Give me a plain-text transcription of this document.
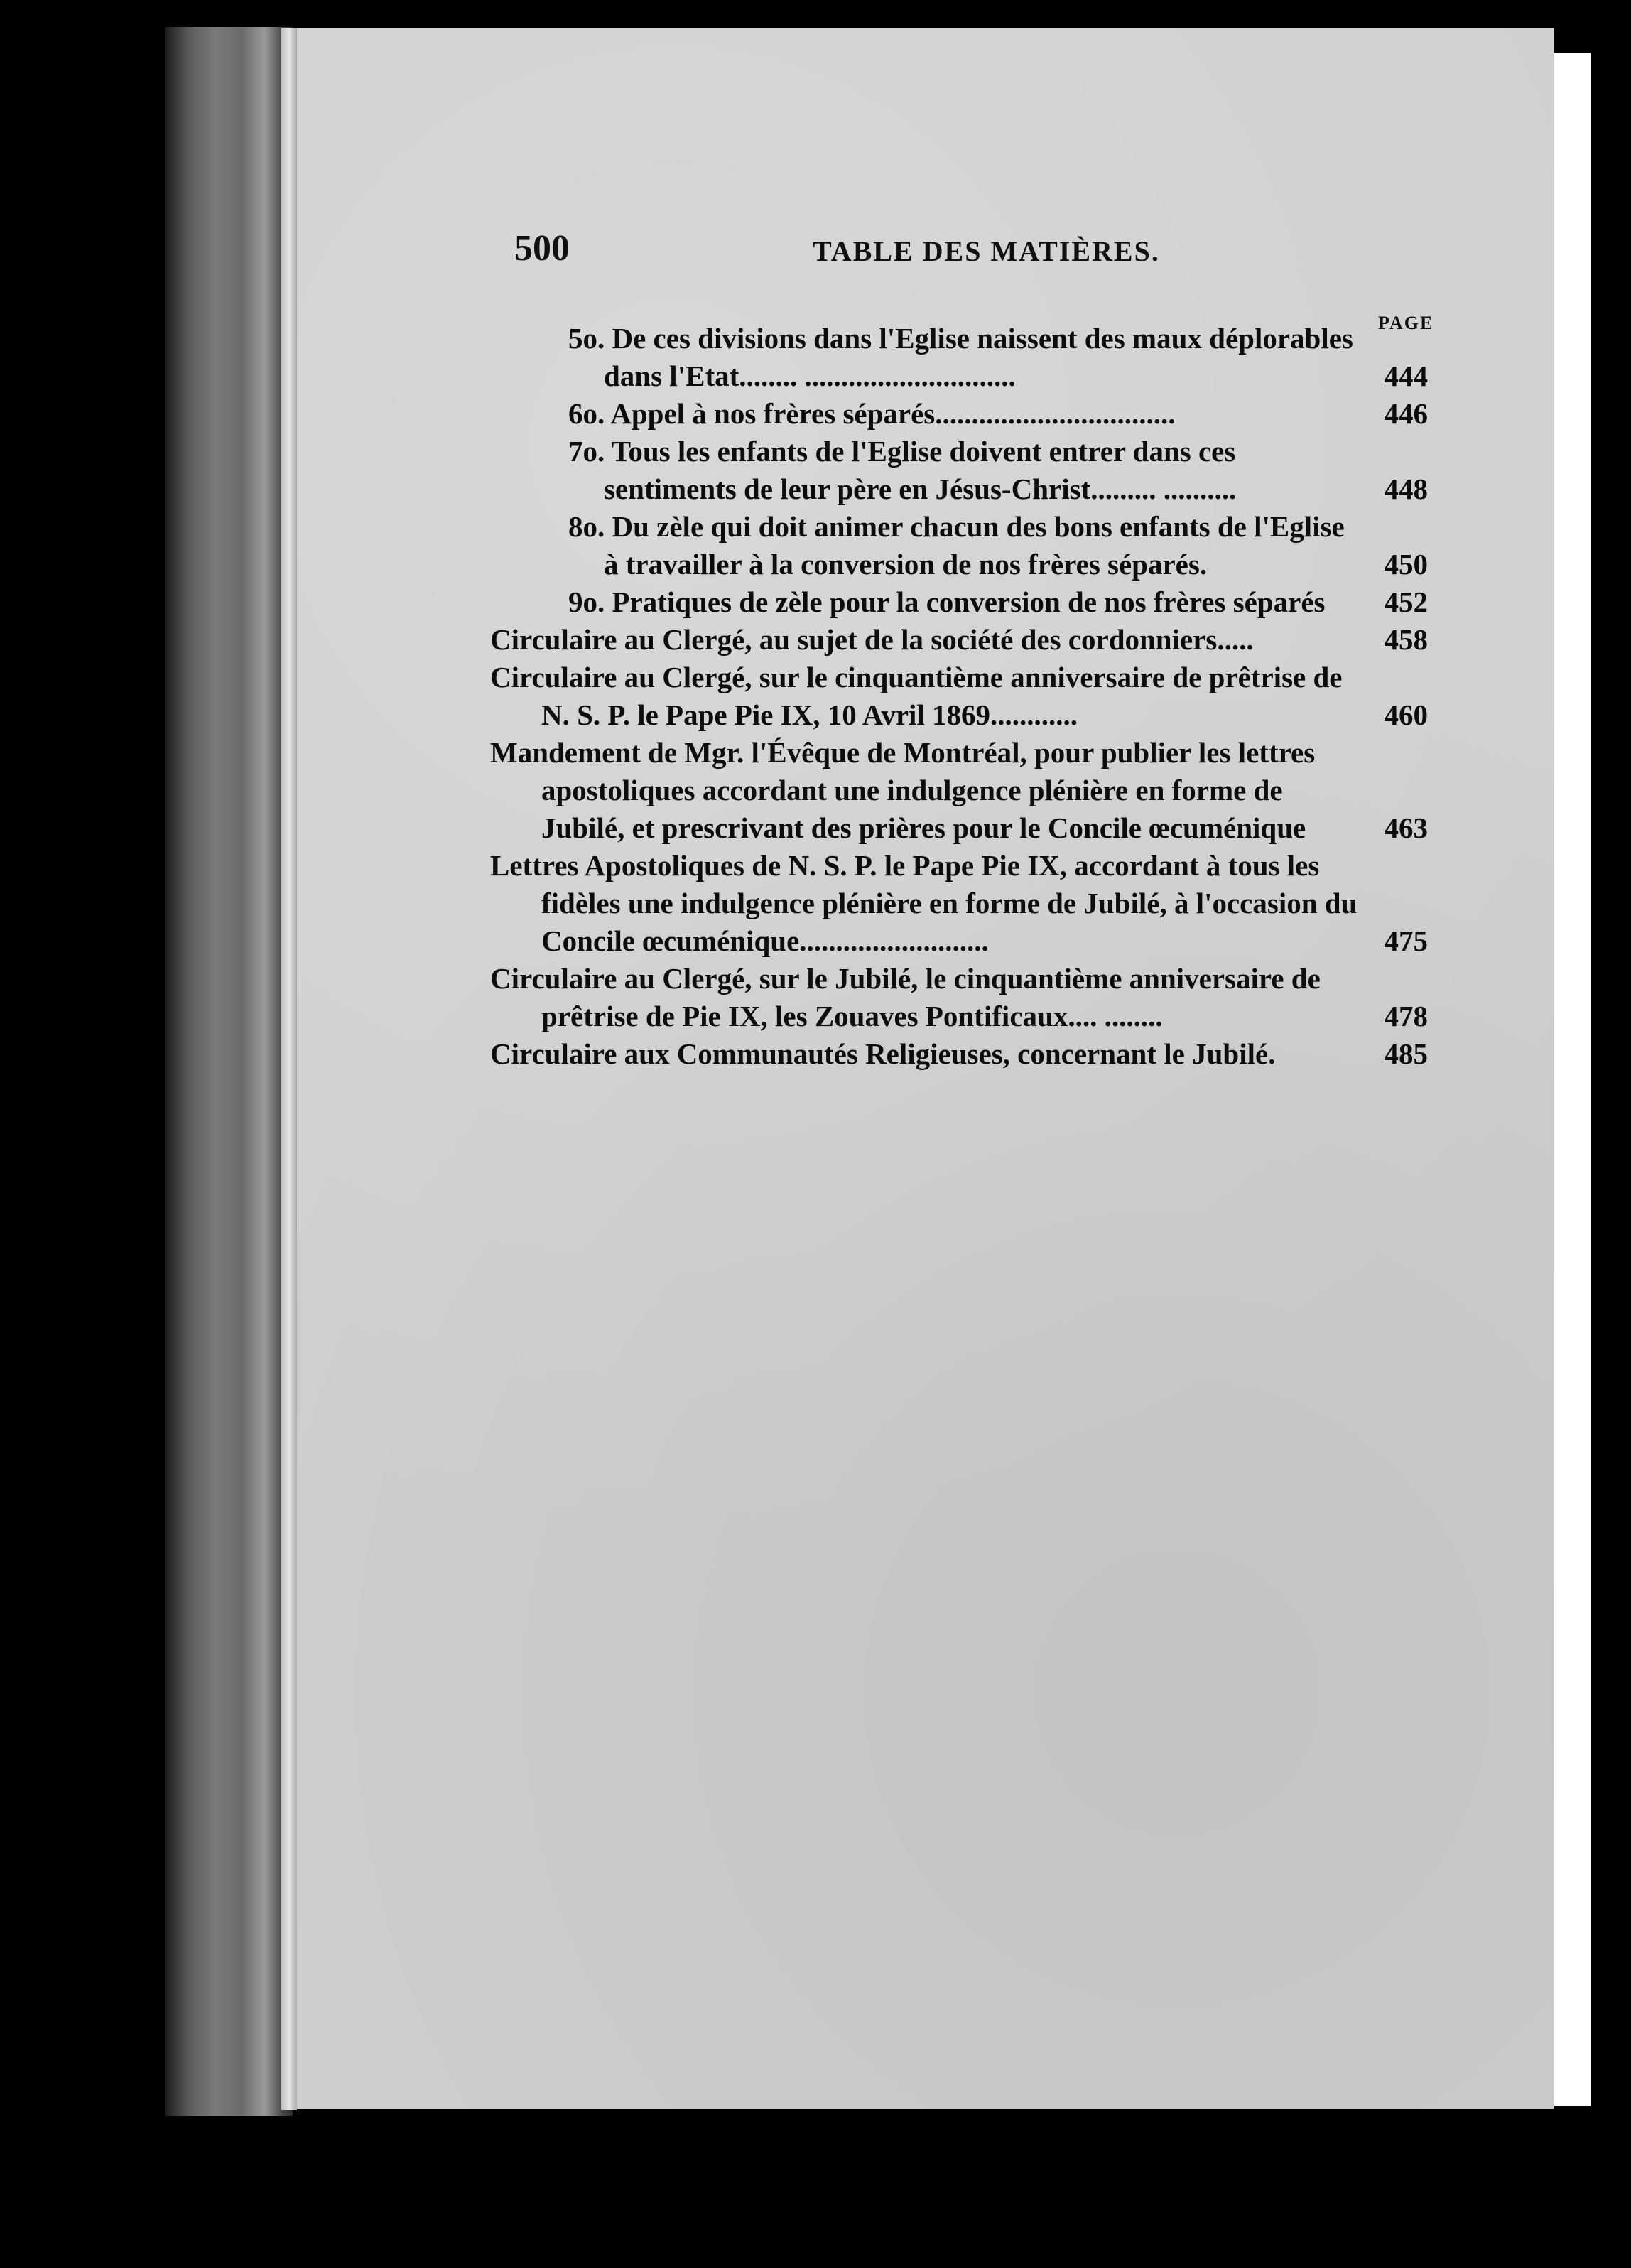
500	TABLE DES MATIÈRES.
PAGE
5o. De ces divisions dans l'Eglise naissent des maux déplorables dans l'Etat........ .............................	444
6o. Appel à nos frères séparés.................................	446
7o. Tous les enfants de l'Eglise doivent entrer dans ces sentiments de leur père en Jésus-Christ......... ..........	448
8o. Du zèle qui doit animer chacun des bons enfants de l'Eglise à travailler à la conversion de nos frères séparés.	450
9o. Pratiques de zèle pour la conversion de nos frères séparés	452
Circulaire au Clergé, au sujet de la société des cordonniers.....	458
Circulaire au Clergé, sur le cinquantième anniversaire de prêtrise de N. S. P. le Pape Pie IX, 10 Avril 1869............	460
Mandement de Mgr. l'Évêque de Montréal, pour publier les lettres apostoliques accordant une indulgence plénière en forme de Jubilé, et prescrivant des prières pour le Concile œcuménique	463
Lettres Apostoliques de N. S. P. le Pape Pie IX, accordant à tous les fidèles une indulgence plénière en forme de Jubilé, à l'occasion du Concile œcuménique..........................	475
Circulaire au Clergé, sur le Jubilé, le cinquantième anniversaire de prêtrise de Pie IX, les Zouaves Pontificaux.... ........	478
Circulaire aux Communautés Religieuses, concernant le Jubilé.	485
